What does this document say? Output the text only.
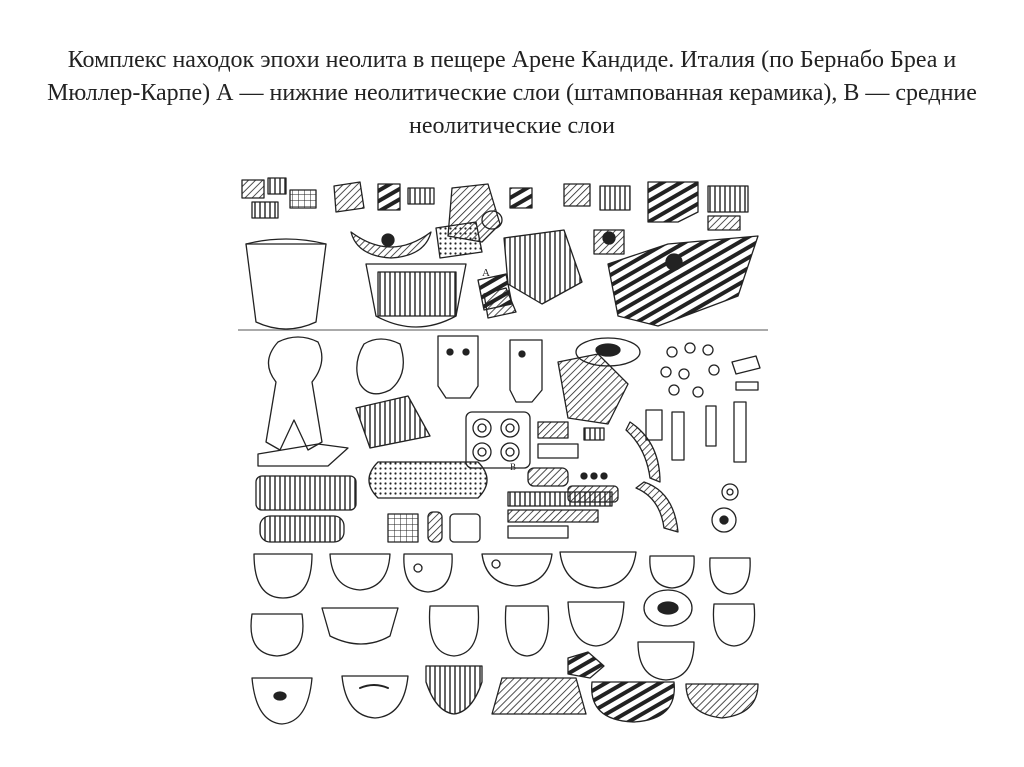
Комплекс находок эпохи неолита в пещере Арене Кандиде. Италия (по Бернабо Бреа и Мюллер-Карпе) А — нижние неолитические слои (штампованная керамика), В — средние неолитические слои
A
B
